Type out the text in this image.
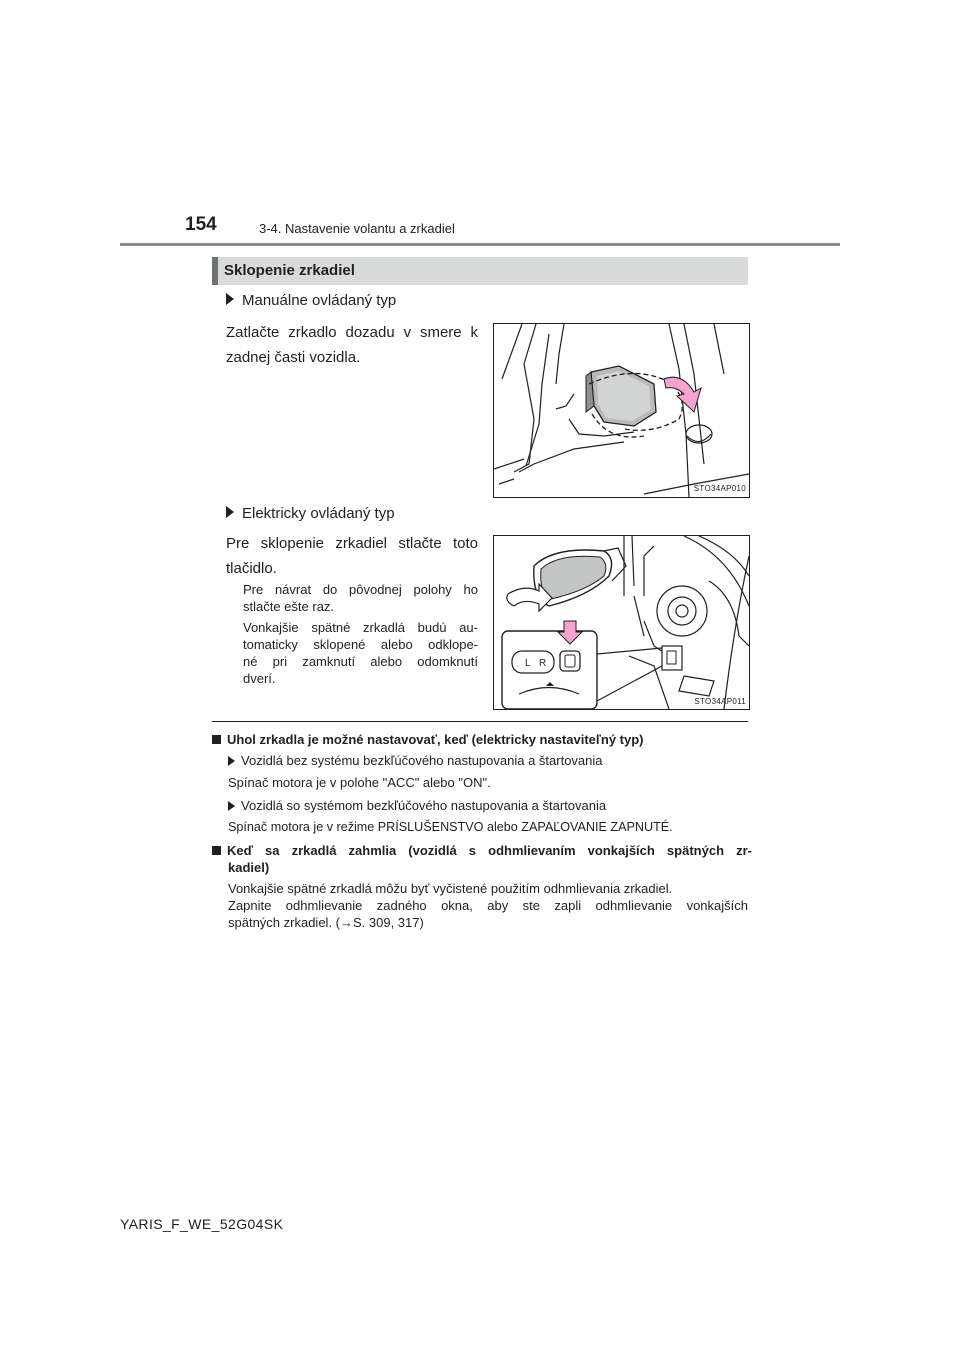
154	3-4. Nastavenie volantu a zrkadiel
Sklopenie zrkadiel
Manuálne ovládaný typ
Zatlačte zrkadlo dozadu v smere k zadnej časti vozidla.
STO34AP010
Elektricky ovládaný typ
Pre sklopenie zrkadiel stlačte toto tlačidlo.
Pre návrat do pôvodnej polohy ho stlačte ešte raz.
Vonkajšie spätné zrkadlá budú au-
tomaticky sklopené alebo odklope-
né pri zamknutí alebo odomknutí
dverí.
L R
STO34AP011
Uhol zrkadla je možné nastavovať, keď (elektricky nastaviteľný typ)
Vozidlá bez systému bezkľúčového nastupovania a štartovania
Spínač motora je v polohe "ACC" alebo "ON".
Vozidlá so systémom bezkľúčového nastupovania a štartovania
Spínač motora je v režime PRÍSLUŠENSTVO alebo ZAPAĽOVANIE ZAPNUTÉ.
Keď sa zrkadlá zahmlia (vozidlá s odhmlievaním vonkajších spätných zr-
kadiel)
Vonkajšie spätné zrkadlá môžu byť vyčistené použitím odhmlievania zrkadiel.
Zapnite odhmlievanie zadného okna, aby ste zapli odhmlievanie vonkajších
spätných zrkadiel. (→S. 309, 317)
YARIS_F_WE_52G04SK
